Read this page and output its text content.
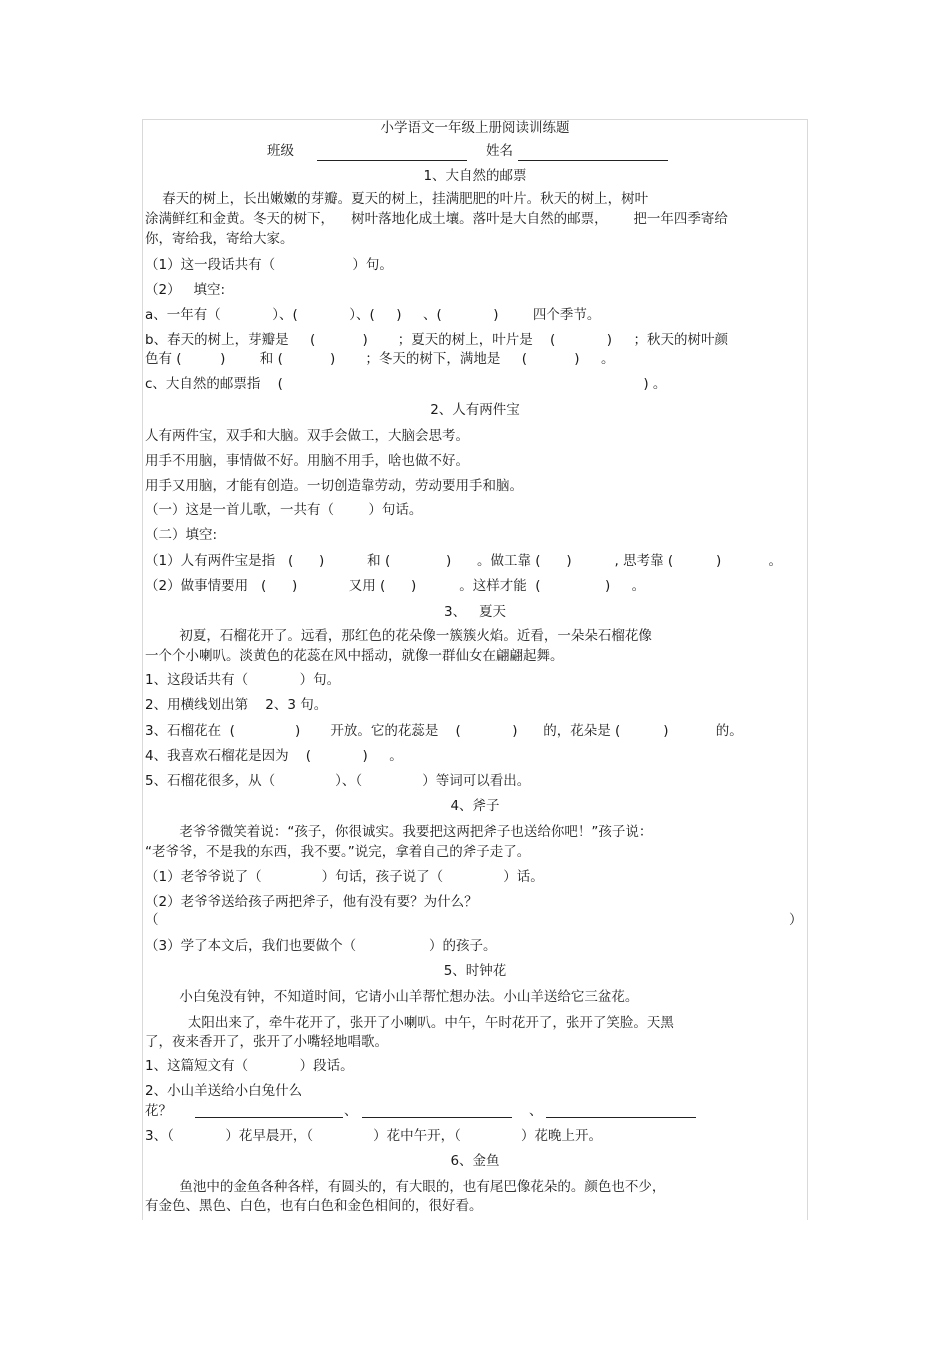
小学语文一年级上册阅读训练题
班级	姓名
1、大自然的邮票
春天的树上，长出嫩嫩的芽瓣。夏天的树上，挂满肥肥的叶片。秋天的树上，树叶
涂满鲜红和金黄。冬天的树下，    树叶落地化成土壤。落叶是大自然的邮票，      把一年四季寄给
你，寄给我，寄给大家。
（1）这一段话共有（                  ）句。
（2）   填空:
a、一年有（            ）、(            ）、(     )     、(            )        四个季节。
b、春天的树上，芽瓣是     (           )       ；夏天的树上，叶片是    (            )     ；秋天的树叶颜
色有 (         )        和 (           )       ；冬天的树下，满地是     (           )     。
c、大自然的邮票指    (                                                                                    ) 。
2、人有两件宝
人有两件宝，双手和大脑。双手会做工，大脑会思考。
用手不用脑，事情做不好。用脑不用手，啥也做不好。
用手又用脑，才能有创造。一切创造靠劳动，劳动要用手和脑。
（一）这是一首儿歌，一共有（        ）句话。
（二）填空:
（1）人有两件宝是指   (      )          和 (             )      。做工靠 (      )          , 思考靠 (          )           。
（2）做事情要用   (      )            又用 (      )          。这样才能  (               )     。
3、   夏天
初夏，石榴花开了。远看，那红色的花朵像一簇簇火焰。近看，一朵朵石榴花像
一个个小喇叭。淡黄色的花蕊在风中摇动，就像一群仙女在翩翩起舞。
1、这段话共有（            ）句。
2、用横线划出第    2、3 句。
3、石榴花在  (              )       开放。它的花蕊是    (            )      的，花朵是 (          )           的。
4、我喜欢石榴花是因为    (            )     。
5、石榴花很多，从（              ）、（              ）等词可以看出。
4、斧子
老爷爷微笑着说：“孩子，你很诚实。我要把这两把斧子也送给你吧！”孩子说：
“老爷爷，不是我的东西，我不要。”说完，拿着自己的斧子走了。
（1）老爷爷说了（              ）句话，孩子说了（              ）话。
（2）老爷爷送给孩子两把斧子，他有没有要？为什么？
（	）
（3）学了本文后，我们也要做个（                 ）的孩子。
5、时钟花
小白兔没有钟，不知道时间，它请小山羊帮忙想办法。小山羊送给它三盆花。
太阳出来了，牵牛花开了，张开了小喇叭。中午，午时花开了，张开了笑脸。天黑
了，夜来香开了，张开了小嘴轻地唱歌。
1、这篇短文有（            ）段话。
2、小山羊送给小白兔什么
花？	、	、
3、（            ）花早晨开，（              ）花中午开，（              ）花晚上开。
6、金鱼
鱼池中的金鱼各种各样，有圆头的，有大眼的，也有尾巴像花朵的。颜色也不少，
有金色、黑色、白色，也有白色和金色相间的，很好看。
